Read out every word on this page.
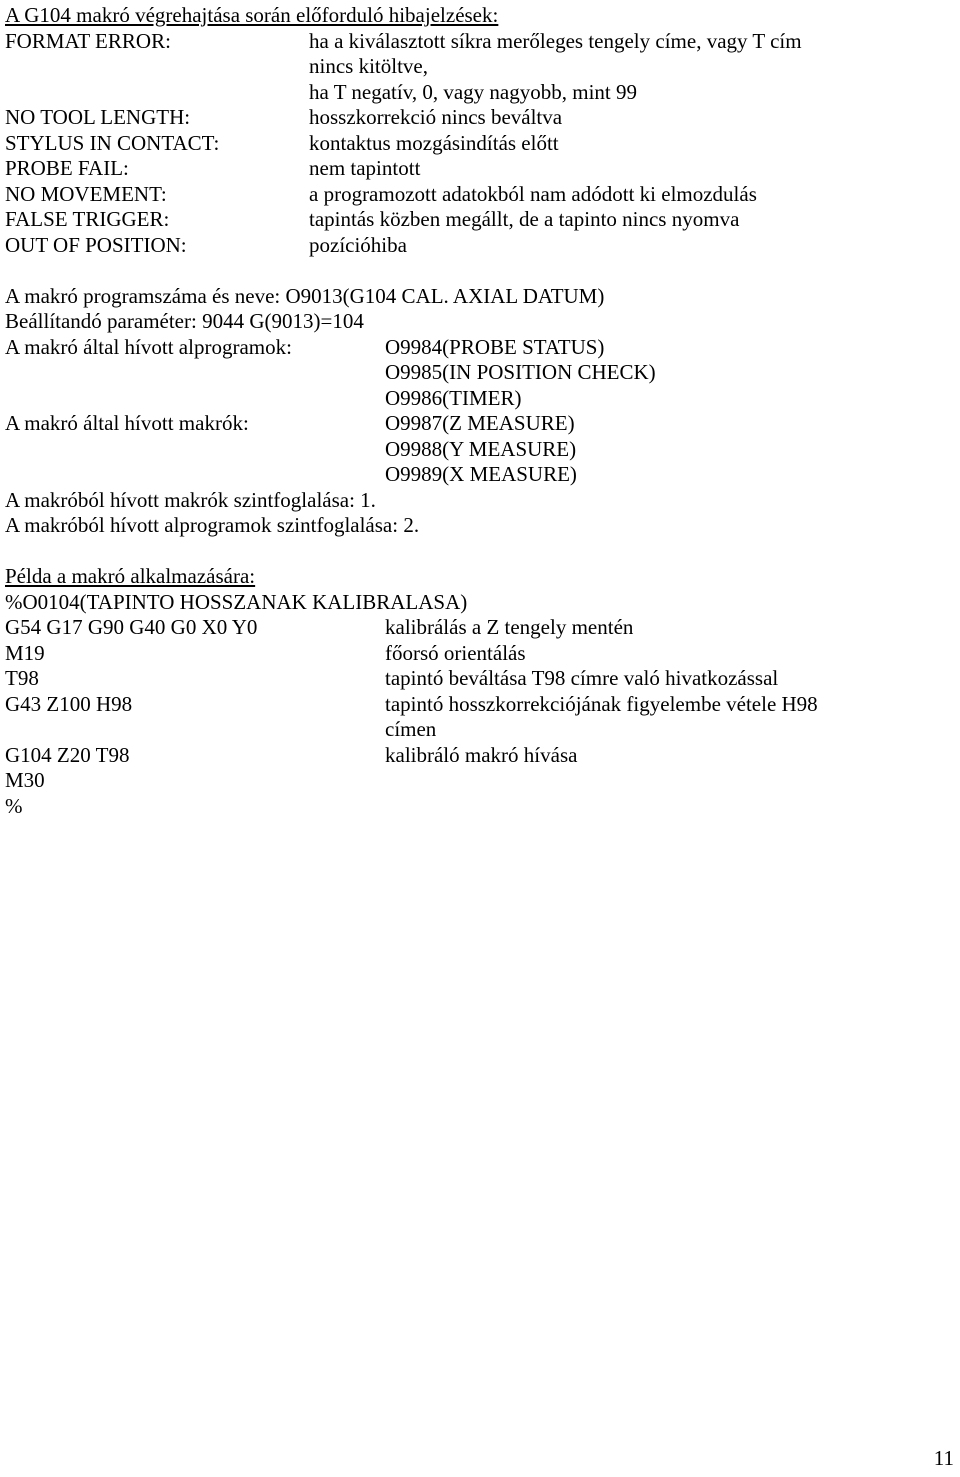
A G104 makró végrehajtása során előforduló hibajelzések:
FORMAT ERROR:	ha a kiválasztott síkra merőleges tengely címe, vagy T cím
nincs kitöltve,
ha T negatív, 0, vagy nagyobb, mint 99
NO TOOL LENGTH:	hosszkorrekció nincs beváltva
STYLUS IN CONTACT:	kontaktus mozgásindítás előtt
PROBE FAIL:	nem tapintott
NO MOVEMENT:	a programozott adatokból nam adódott ki elmozdulás
FALSE TRIGGER:	tapintás közben megállt, de a tapinto nincs nyomva
OUT OF POSITION:	pozícióhiba
A makró programszáma és neve: O9013(G104 CAL. AXIAL DATUM)
Beállítandó paraméter: 9044 G(9013)=104
A makró által hívott alprogramok:	O9984(PROBE STATUS)
O9985(IN POSITION CHECK)
O9986(TIMER)
A makró által hívott makrók:	O9987(Z MEASURE)
O9988(Y MEASURE)
O9989(X MEASURE)
A makróból hívott makrók szintfoglalása: 1.
A makróból hívott alprogramok szintfoglalása: 2.
Példa a makró alkalmazására:
%O0104(TAPINTO HOSSZANAK KALIBRALASA)
G54 G17 G90 G40 G0 X0 Y0	kalibrálás a Z tengely mentén
M19	főorsó orientálás
T98	tapintó beváltása T98 címre való hivatkozással
G43 Z100 H98	tapintó hosszkorrekciójának figyelembe vétele H98
címen
G104 Z20 T98	kalibráló makró hívása
M30
%
11
